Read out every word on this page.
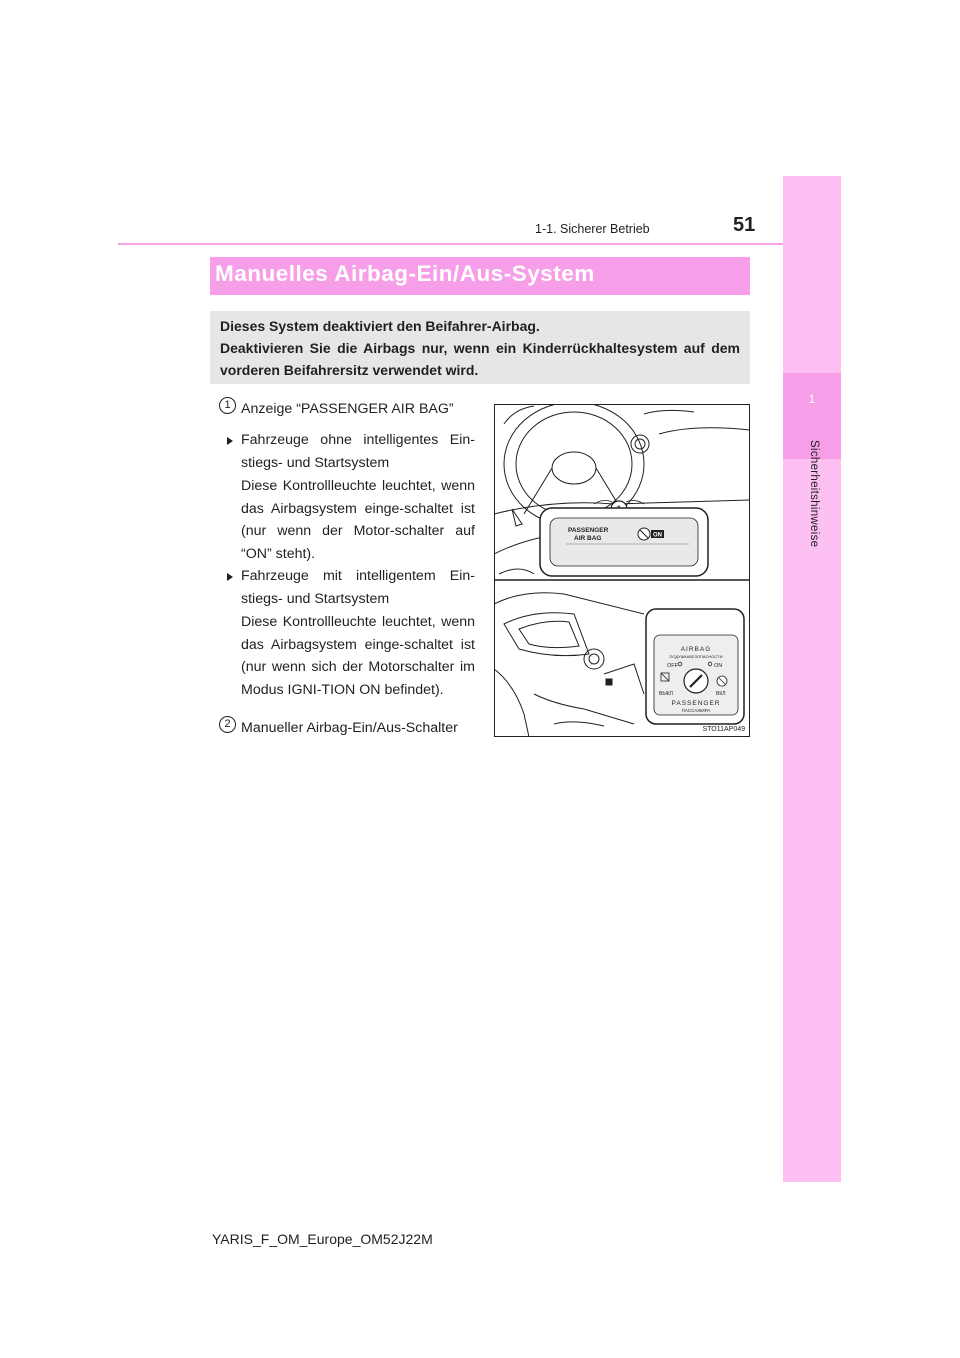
1
Sicherheitshinweise
51
1-1. Sicherer Betrieb
Manuelles Airbag-Ein/Aus-System

Dieses System deaktiviert den Beifahrer-Airbag.

Deaktivieren Sie die Airbags nur, wenn ein Kinderrückhaltesystem auf dem vorderen Beifahrersitz verwendet wird.

1 Anzeige “PASSENGER AIR BAG”

Fahrzeuge ohne intelligentes Ein-stiegs- und Startsystem

Diese Kontrollleuchte leuchtet, wenn das Airbagsystem einge-schaltet ist (nur wenn der Motor-schalter auf “ON” steht).

Fahrzeuge mit intelligentem Ein-stiegs- und Startsystem

Diese Kontrollleuchte leuchtet, wenn das Airbagsystem einge-schaltet ist (nur wenn sich der Motorschalter im Modus IGNI-TION ON befindet).

2 Manueller Airbag-Ein/Aus-Schalter

PASSENGER
AIR BAG	ON
AIRBAG
ПОДУШКАБЕЗОПАСНОСТИ
OFF	ON
ВЫКЛ	ВКЛ
PASSENGER
ПАССАЖИРА
STO11AP049
YARIS_F_OM_Europe_OM52J22M
